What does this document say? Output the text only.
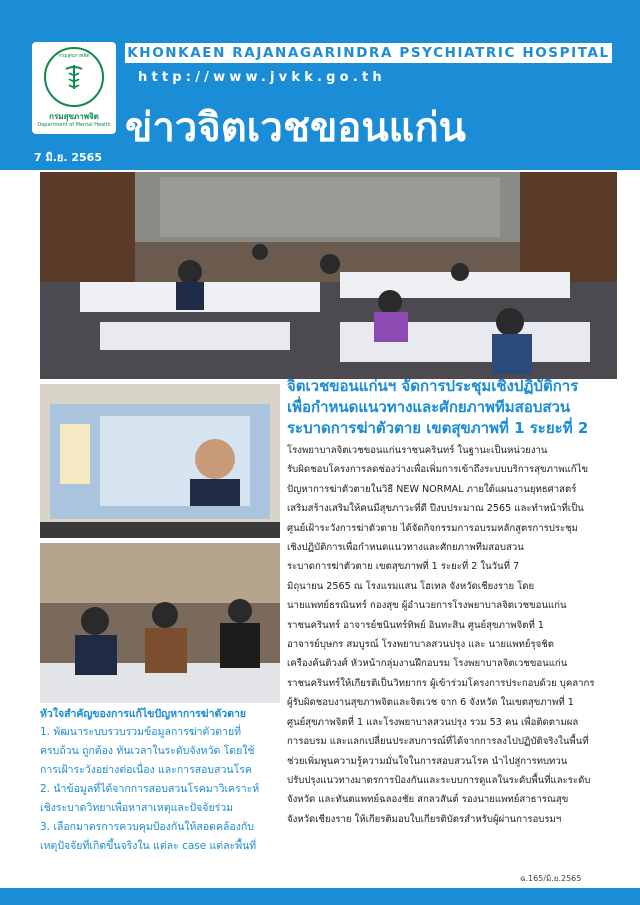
กรมสุขภาพจิต
กรมสุขภาพจิต
Department of Mental Health
7 มิ.ย. 2565
KHONKAEN RAJANAGARINDRA PSYCHIATRIC HOSPITAL
http://www.jvkk.go.th
ข่าวจิตเวชขอนแก่น
จิตเวชขอนแก่นฯ จัดการประชุมเชิงปฏิบัติการ
เพื่อกำหนดแนวทางและศักยภาพทีมสอบสวน
ระบาดการฆ่าตัวตาย เขตสุขภาพที่ 1 ระยะที่ 2
โรงพยาบาลจิตเวชขอนแก่นราชนครินทร์ ในฐานะเป็นหน่วยงาน
รับผิดชอบโครงการลดช่องว่างเพื่อเพิ่มการเข้าถึงระบบบริการสุขภาพแก้ไข
ปัญหาการฆ่าตัวตายในวิธี NEW NORMAL ภายใต้แผนงานยุทธศาสตร์
เสริมสร้างเสริมให้คนมีสุขภาวะที่ดี ปีงบประมาณ 2565 และทำหน้าที่เป็น
ศูนย์เฝ้าระวังการฆ่าตัวตาย ได้จัดกิจกรรมการอบรมหลักสูตรการประชุม
เชิงปฏิบัติการเพื่อกำหนดแนวทางและศักยภาพทีมสอบสวน
ระบาดการฆ่าตัวตาย เขตสุขภาพที่ 1 ระยะที่ 2 ในวันที่ 7
มิถุนายน 2565 ณ โรงแรมแสน โฮเทล จังหวัดเชียงราย โดย
นายแพทย์ธรณินทร์ กองสุข ผู้อำนวยการโรงพยาบาลจิตเวชขอนแก่น
ราชนครินทร์ อาจารย์ชนินทร์ทิพย์ อินทะสิน ศูนย์สุขภาพจิตที่ 1
อาจารย์บุษกร สมบูรณ์ โรงพยาบาลสวนปรุง และ นายแพทย์รุจชิต
เครืองค้นติวงศ์ หัวหน้ากลุ่มงานฝึกอบรม โรงพยาบาลจิตเวชขอนแก่น
ราชนครินทร์ให้เกียรติเป็นวิทยากร ผู้เข้าร่วมโครงการประกอบด้วย บุคลากร
ผู้รับผิดชอบงานสุขภาพจิตและจิตเวช จาก 6 จังหวัด ในเขตสุขภาพที่ 1
ศูนย์สุขภาพจิตที่ 1 และโรงพยาบาลสวนปรุง รวม 53 คน เพื่อติดตามผล
การอบรม และแลกเปลี่ยนประสบการณ์ที่ได้จากการลงไปปฏิบัติจริงในพื้นที่
ช่วยเพิ่มพูนความรู้ความมั่นใจในการสอบสวนโรค นำไปสู่การทบทวน
ปรับปรุงแนวทางมาตรการป้องกันและระบบการดูแลในระดับพื้นที่และระดับ
จังหวัด และทันตแพทย์ฉลองชัย สกลวสันต์ รองนายแพทย์สาธารณสุข
จังหวัดเชียงราย ให้เกียรติมอบใบเกียรติบัตรสำหรับผู้ผ่านการอบรมฯ
หัวใจสำคัญของการแก้ไขปัญหาการฆ่าตัวตาย
1. พัฒนาระบบรวบรวมข้อมูลการฆ่าตัวตายที่
ครบถ้วน ถูกต้อง ทันเวลาในระดับจังหวัด โดยใช้
การเฝ้าระวังอย่างต่อเนื่อง และการสอบสวนโรค
2. นำข้อมูลที่ได้จากการสอบสวนโรคมาวิเคราะห์
เชิงระบาดวิทยาเพื่อหาสาเหตุและปัจจัยร่วม
3. เลือกมาตรการควบคุมป้องกันให้สอดคล้องกับ
เหตุปัจจัยที่เกิดขึ้นจริงใน แต่ละ case แต่ละพื้นที่
ฉ.165/มิ.ย.2565
